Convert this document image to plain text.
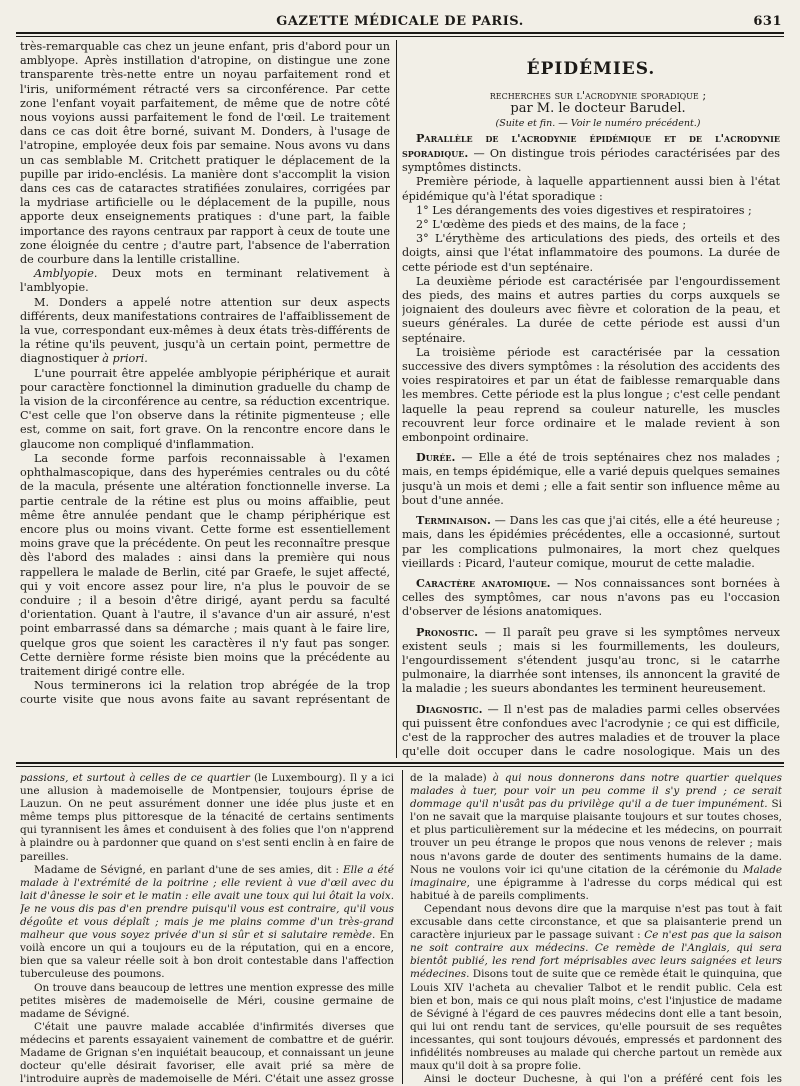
GAZETTE MÉDICALE DE PARIS.	631

très-remarquable cas chez un jeune enfant, pris d'abord pour un amblyope. Après instillation d'atropine, on distingue une zone transparente très-nette entre un noyau parfaitement rond et l'iris, uniformément rétracté vers sa circonférence. Par cette zone l'enfant voyait parfaitement, de même que de notre côté nous voyions aussi parfaitement le fond de l'œil. Le traitement dans ce cas doit être borné, suivant M. Donders, à l'usage de l'atropine, employée deux fois par semaine. Nous avons vu dans un cas semblable M. Critchett pratiquer le déplacement de la pupille par irido-enclésis. La manière dont s'accomplit la vision dans ces cas de cataractes stratifiées zonulaires, corrigées par la mydriase artificielle ou le déplacement de la pupille, nous apporte deux enseignements pratiques : d'une part, la faible importance des rayons centraux par rapport à ceux de toute une zone éloignée du centre ; d'autre part, l'absence de l'aberration de courbure dans la lentille cristalline.

Amblyopie. Deux mots en terminant relativement à l'amblyopie.

M. Donders a appelé notre attention sur deux aspects différents, deux manifestations contraires de l'affaiblissement de la vue, correspondant eux-mêmes à deux états très-différents de la rétine qu'ils peuvent, jusqu'à un certain point, permettre de diagnostiquer à priori.

L'une pourrait être appelée amblyopie périphérique et aurait pour caractère fonctionnel la diminution graduelle du champ de la vision de la circonférence au centre, sa réduction excentrique. C'est celle que l'on observe dans la rétinite pigmenteuse ; elle est, comme on sait, fort grave. On la rencontre encore dans le glaucome non compliqué d'inflammation.

La seconde forme parfois reconnaissable à l'examen ophthalmascopique, dans des hyperémies centrales ou du côté de la macula, présente une altération fonctionnelle inverse. La partie centrale de la rétine est plus ou moins affaiblie, peut même être annulée pendant que le champ périphérique est encore plus ou moins vivant. Cette forme est essentiellement moins grave que la précédente. On peut les reconnaître presque dès l'abord des malades : ainsi dans la première qui nous rappellera le malade de Berlin, cité par Graefe, le sujet affecté, qui y voit encore assez pour lire, n'a plus le pouvoir de se conduire ; il a besoin d'être dirigé, ayant perdu sa faculté d'orientation. Quant à l'autre, il s'avance d'un air assuré, n'est point embarrassé dans sa démarche ; mais quant à le faire lire, quelque gros que soient les caractères il n'y faut pas songer. Cette dernière forme résiste bien moins que la précédente au traitement dirigé contre elle.

Nous terminerons ici la relation trop abrégée de la trop courte visite que nous avons faite au savant représentant de

ÉPIDÉMIES.

recherches sur l'acrodynie sporadique ;

par M. le docteur Barudel.

(Suite et fin. — Voir le numéro précédent.)

Parallèle de l'acrodynie épidémique et de l'acrodynie sporadique. — On distingue trois périodes caractérisées par des symptômes distincts.

Première période, à laquelle appartiennent aussi bien à l'état épidémique qu'à l'état sporadique :

1° Les dérangements des voies digestives et respiratoires ;

2° L'œdème des pieds et des mains, de la face ;

3° L'érythème des articulations des pieds, des orteils et des doigts, ainsi que l'état inflammatoire des poumons. La durée de cette période est d'un septénaire.

La deuxième période est caractérisée par l'engourdissement des pieds, des mains et autres parties du corps auxquels se joignaient des douleurs avec fièvre et coloration de la peau, et sueurs générales. La durée de cette période est aussi d'un septénaire.

La troisième période est caractérisée par la cessation successive des divers symptômes : la résolution des accidents des voies respiratoires et par un état de faiblesse remarquable dans les membres. Cette période est la plus longue ; c'est celle pendant laquelle la peau reprend sa couleur naturelle, les muscles recouvrent leur force ordinaire et le malade revient à son embonpoint ordinaire.

Durée. — Elle a été de trois septénaires chez nos malades ; mais, en temps épidémique, elle a varié depuis quelques semaines jusqu'à un mois et demi ; elle a fait sentir son influence même au bout d'une année.

Terminaison. — Dans les cas que j'ai cités, elle a été heureuse ; mais, dans les épidémies précédentes, elle a occasionné, surtout par les complications pulmonaires, la mort chez quelques vieillards : Picard, l'auteur comique, mourut de cette maladie.

Caractère anatomique. — Nos connaissances sont bornées à celles des symptômes, car nous n'avons pas eu l'occasion d'observer de lésions anatomiques.

Pronostic. — Il paraît peu grave si les symptômes nerveux existent seuls ; mais si les fourmillements, les douleurs, l'engourdissement s'étendent jusqu'au tronc, si le catarrhe pulmonaire, la diarrhée sont intenses, ils annoncent la gravité de la maladie ; les sueurs abondantes les terminent heureusement.

Diagnostic. — Il n'est pas de maladies parmi celles observées qui puissent être confondues avec l'acrodynie ; ce qui est difficile, c'est de la rapprocher des autres maladies et de trouver la place qu'elle doit occuper dans le cadre nosologique. Mais un des

passions, et surtout à celles de ce quartier (le Luxembourg). Il y a ici une allusion à mademoiselle de Montpensier, toujours éprise de Lauzun. On ne peut assurément donner une idée plus juste et en même temps plus pittoresque de la ténacité de certains sentiments qui tyrannisent les âmes et conduisent à des folies que l'on n'apprend à plaindre ou à pardonner que quand on s'est senti enclin à en faire de pareilles.

Madame de Sévigné, en parlant d'une de ses amies, dit : Elle a été malade à l'extrémité de la poitrine ; elle revient à vue d'œil avec du lait d'ânesse le soir et le matin : elle avait une toux qui lui ôtait la voix. Je ne vous dis pas d'en prendre puisqu'il vous est contraire, qu'il vous dégoûte et vous déplaît ; mais je me plains comme d'un très-grand malheur que vous soyez privée d'un si sûr et si salutaire remède. En voilà encore un qui a toujours eu de la réputation, qui en a encore, bien que sa valeur réelle soit à bon droit contestable dans l'affection tuberculeuse des poumons.

On trouve dans beaucoup de lettres une mention expresse des mille petites misères de mademoiselle de Méri, cousine germaine de madame de Sévigné.

C'était une pauvre malade accablée d'infirmités diverses que médecins et parents essayaient vainement de combattre et de guérir. Madame de Grignan s'en inquiétait beaucoup, et connaissant un jeune docteur qu'elle désirait favoriser, elle avait prié sa mère de l'introduire auprès de mademoiselle de Méri. C'était une assez grosse

de la malade) à qui nous donnerons dans notre quartier quelques malades à tuer, pour voir un peu comme il s'y prend ; ce serait dommage qu'il n'usât pas du privilège qu'il a de tuer impunément. Si l'on ne savait que la marquise plaisante toujours et sur toutes choses, et plus particulièrement sur la médecine et les médecins, on pourrait trouver un peu étrange le propos que nous venons de relever ; mais nous n'avons garde de douter des sentiments humains de la dame. Nous ne voulons voir ici qu'une citation de la cérémonie du Malade imaginaire, une épigramme à l'adresse du corps médical qui est habitué à de pareils compliments.

Cependant nous devons dire que la marquise n'est pas tout à fait excusable dans cette circonstance, et que sa plaisanterie prend un caractère injurieux par le passage suivant : Ce n'est pas que la saison ne soit contraire aux médecins. Ce remède de l'Anglais, qui sera bientôt publié, les rend fort méprisables avec leurs saignées et leurs médecines. Disons tout de suite que ce remède était le quinquina, que Louis XIV l'acheta au chevalier Talbot et le rendit public. Cela est bien et bon, mais ce qui nous plaît moins, c'est l'injustice de madame de Sévigné à l'égard de ces pauvres médecins dont elle a tant besoin, qui lui ont rendu tant de services, qu'elle poursuit de ses requêtes incessantes, qui sont toujours dévoués, empressés et pardonnent des infidélités nombreuses au malade qui cherche partout un remède aux maux qu'il doit à sa propre folie.

Ainsi le docteur Duchesne, à qui l'on a préféré cent fois les
